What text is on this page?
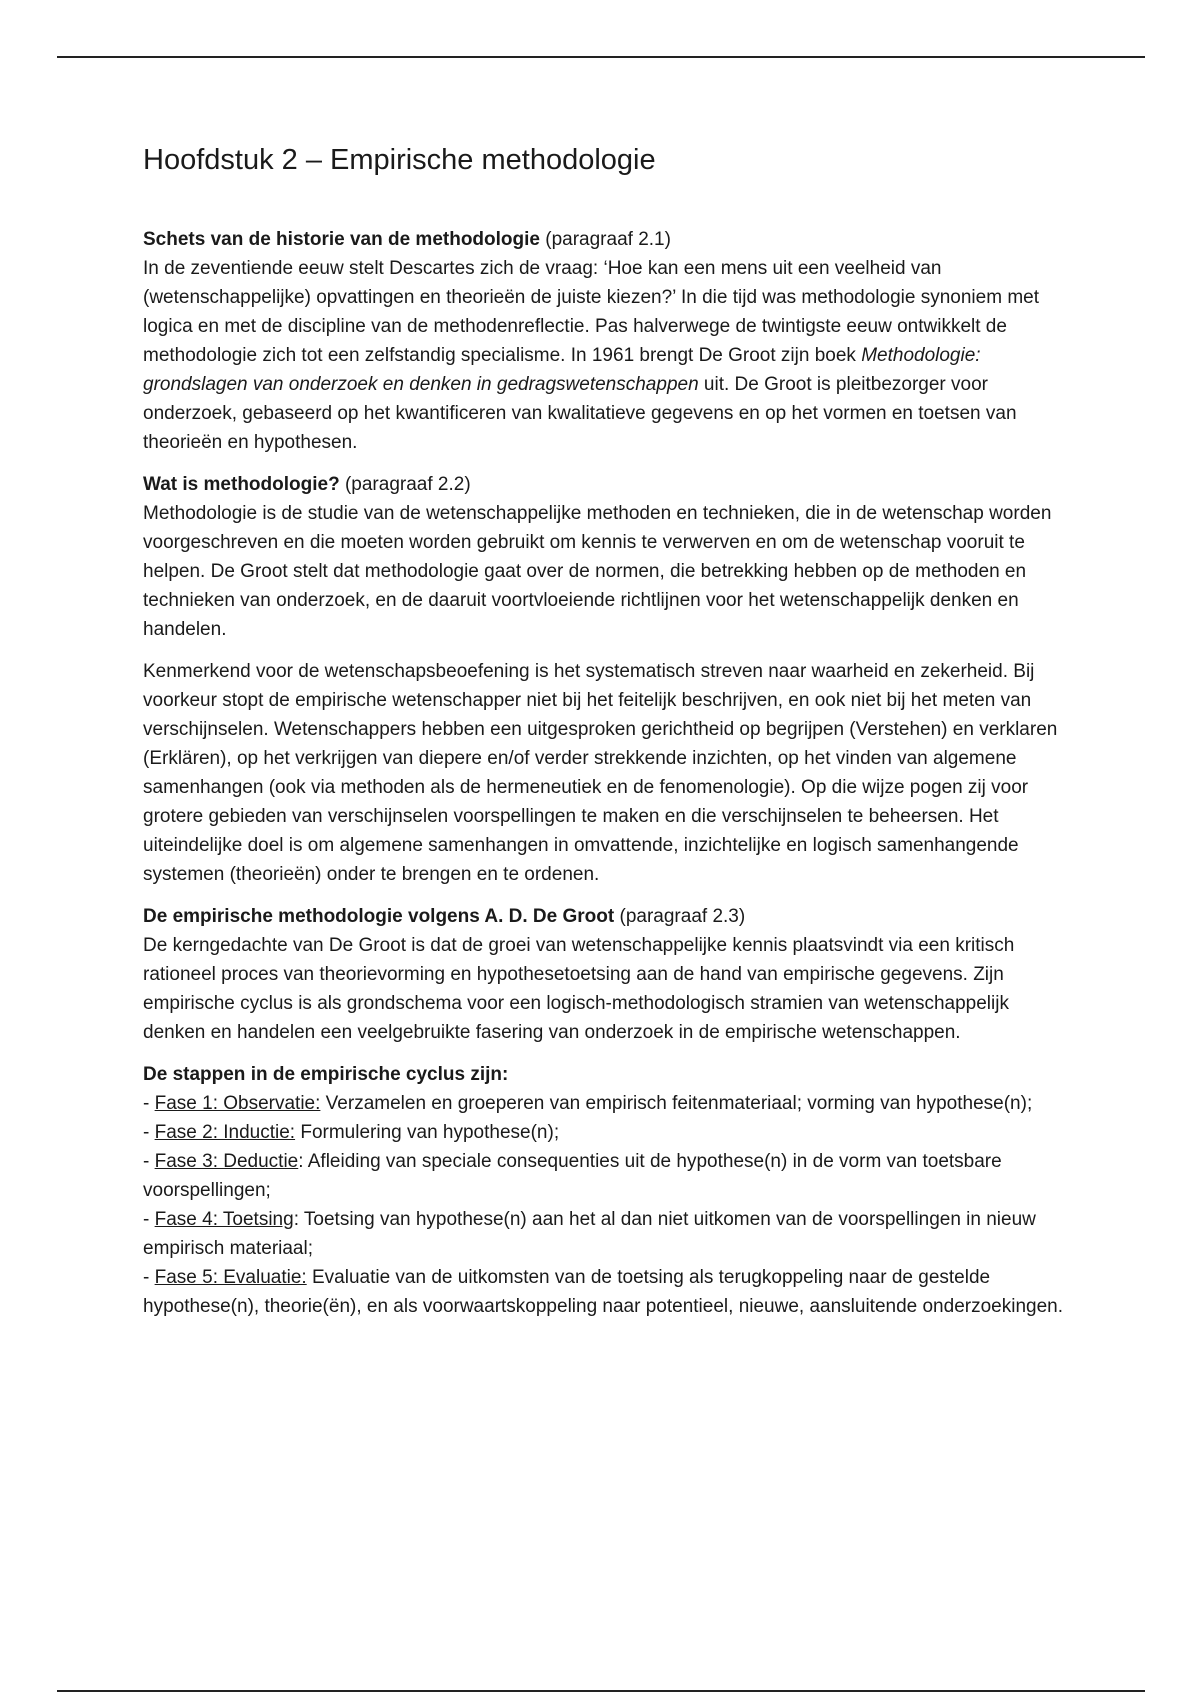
Hoofdstuk 2 – Empirische methodologie
Schets van de historie van de methodologie (paragraaf 2.1)

In de zeventiende eeuw stelt Descartes zich de vraag: ‘Hoe kan een mens uit een veelheid van (wetenschappelijke) opvattingen en theorieën de juiste kiezen?’ In die tijd was methodologie synoniem met logica en met de discipline van de methodenreflectie. Pas halverwege de twintigste eeuw ontwikkelt de methodologie zich tot een zelfstandig specialisme. In 1961 brengt De Groot zijn boek Methodologie: grondslagen van onderzoek en denken in gedragswetenschappen uit. De Groot is pleitbezorger voor onderzoek, gebaseerd op het kwantificeren van kwalitatieve gegevens en op het vormen en toetsen van theorieën en hypothesen.

Wat is methodologie? (paragraaf 2.2)

Methodologie is de studie van de wetenschappelijke methoden en technieken, die in de wetenschap worden voorgeschreven en die moeten worden gebruikt om kennis te verwerven en om de wetenschap vooruit te helpen. De Groot stelt dat methodologie gaat over de normen, die betrekking hebben op de methoden en technieken van onderzoek, en de daaruit voortvloeiende richtlijnen voor het wetenschappelijk denken en handelen.

Kenmerkend voor de wetenschapsbeoefening is het systematisch streven naar waarheid en zekerheid. Bij voorkeur stopt de empirische wetenschapper niet bij het feitelijk beschrijven, en ook niet bij het meten van verschijnselen. Wetenschappers hebben een uitgesproken gerichtheid op begrijpen (Verstehen) en verklaren (Erklären), op het verkrijgen van diepere en/of verder strekkende inzichten, op het vinden van algemene samenhangen (ook via methoden als de hermeneutiek en de fenomenologie). Op die wijze pogen zij voor grotere gebieden van verschijnselen voorspellingen te maken en die verschijnselen te beheersen. Het uiteindelijke doel is om algemene samenhangen in omvattende, inzichtelijke en logisch samenhangende systemen (theorieën) onder te brengen en te ordenen.

De empirische methodologie volgens A. D. De Groot (paragraaf 2.3)

De kerngedachte van De Groot is dat de groei van wetenschappelijke kennis plaatsvindt via een kritisch rationeel proces van theorievorming en hypothesetoetsing aan de hand van empirische gegevens. Zijn empirische cyclus is als grondschema voor een logisch-methodologisch stramien van wetenschappelijk denken en handelen een veelgebruikte fasering van onderzoek in de empirische wetenschappen.

De stappen in de empirische cyclus zijn:

- Fase 1: Observatie: Verzamelen en groeperen van empirisch feitenmateriaal; vorming van hypothese(n);

- Fase 2: Inductie: Formulering van hypothese(n);

- Fase 3: Deductie: Afleiding van speciale consequenties uit de hypothese(n) in de vorm van toetsbare voorspellingen;

- Fase 4: Toetsing: Toetsing van hypothese(n) aan het al dan niet uitkomen van de voorspellingen in nieuw empirisch materiaal;

- Fase 5: Evaluatie: Evaluatie van de uitkomsten van de toetsing als terugkoppeling naar de gestelde hypothese(n), theorie(ën), en als voorwaartskoppeling naar potentieel, nieuwe, aansluitende onderzoekingen.
